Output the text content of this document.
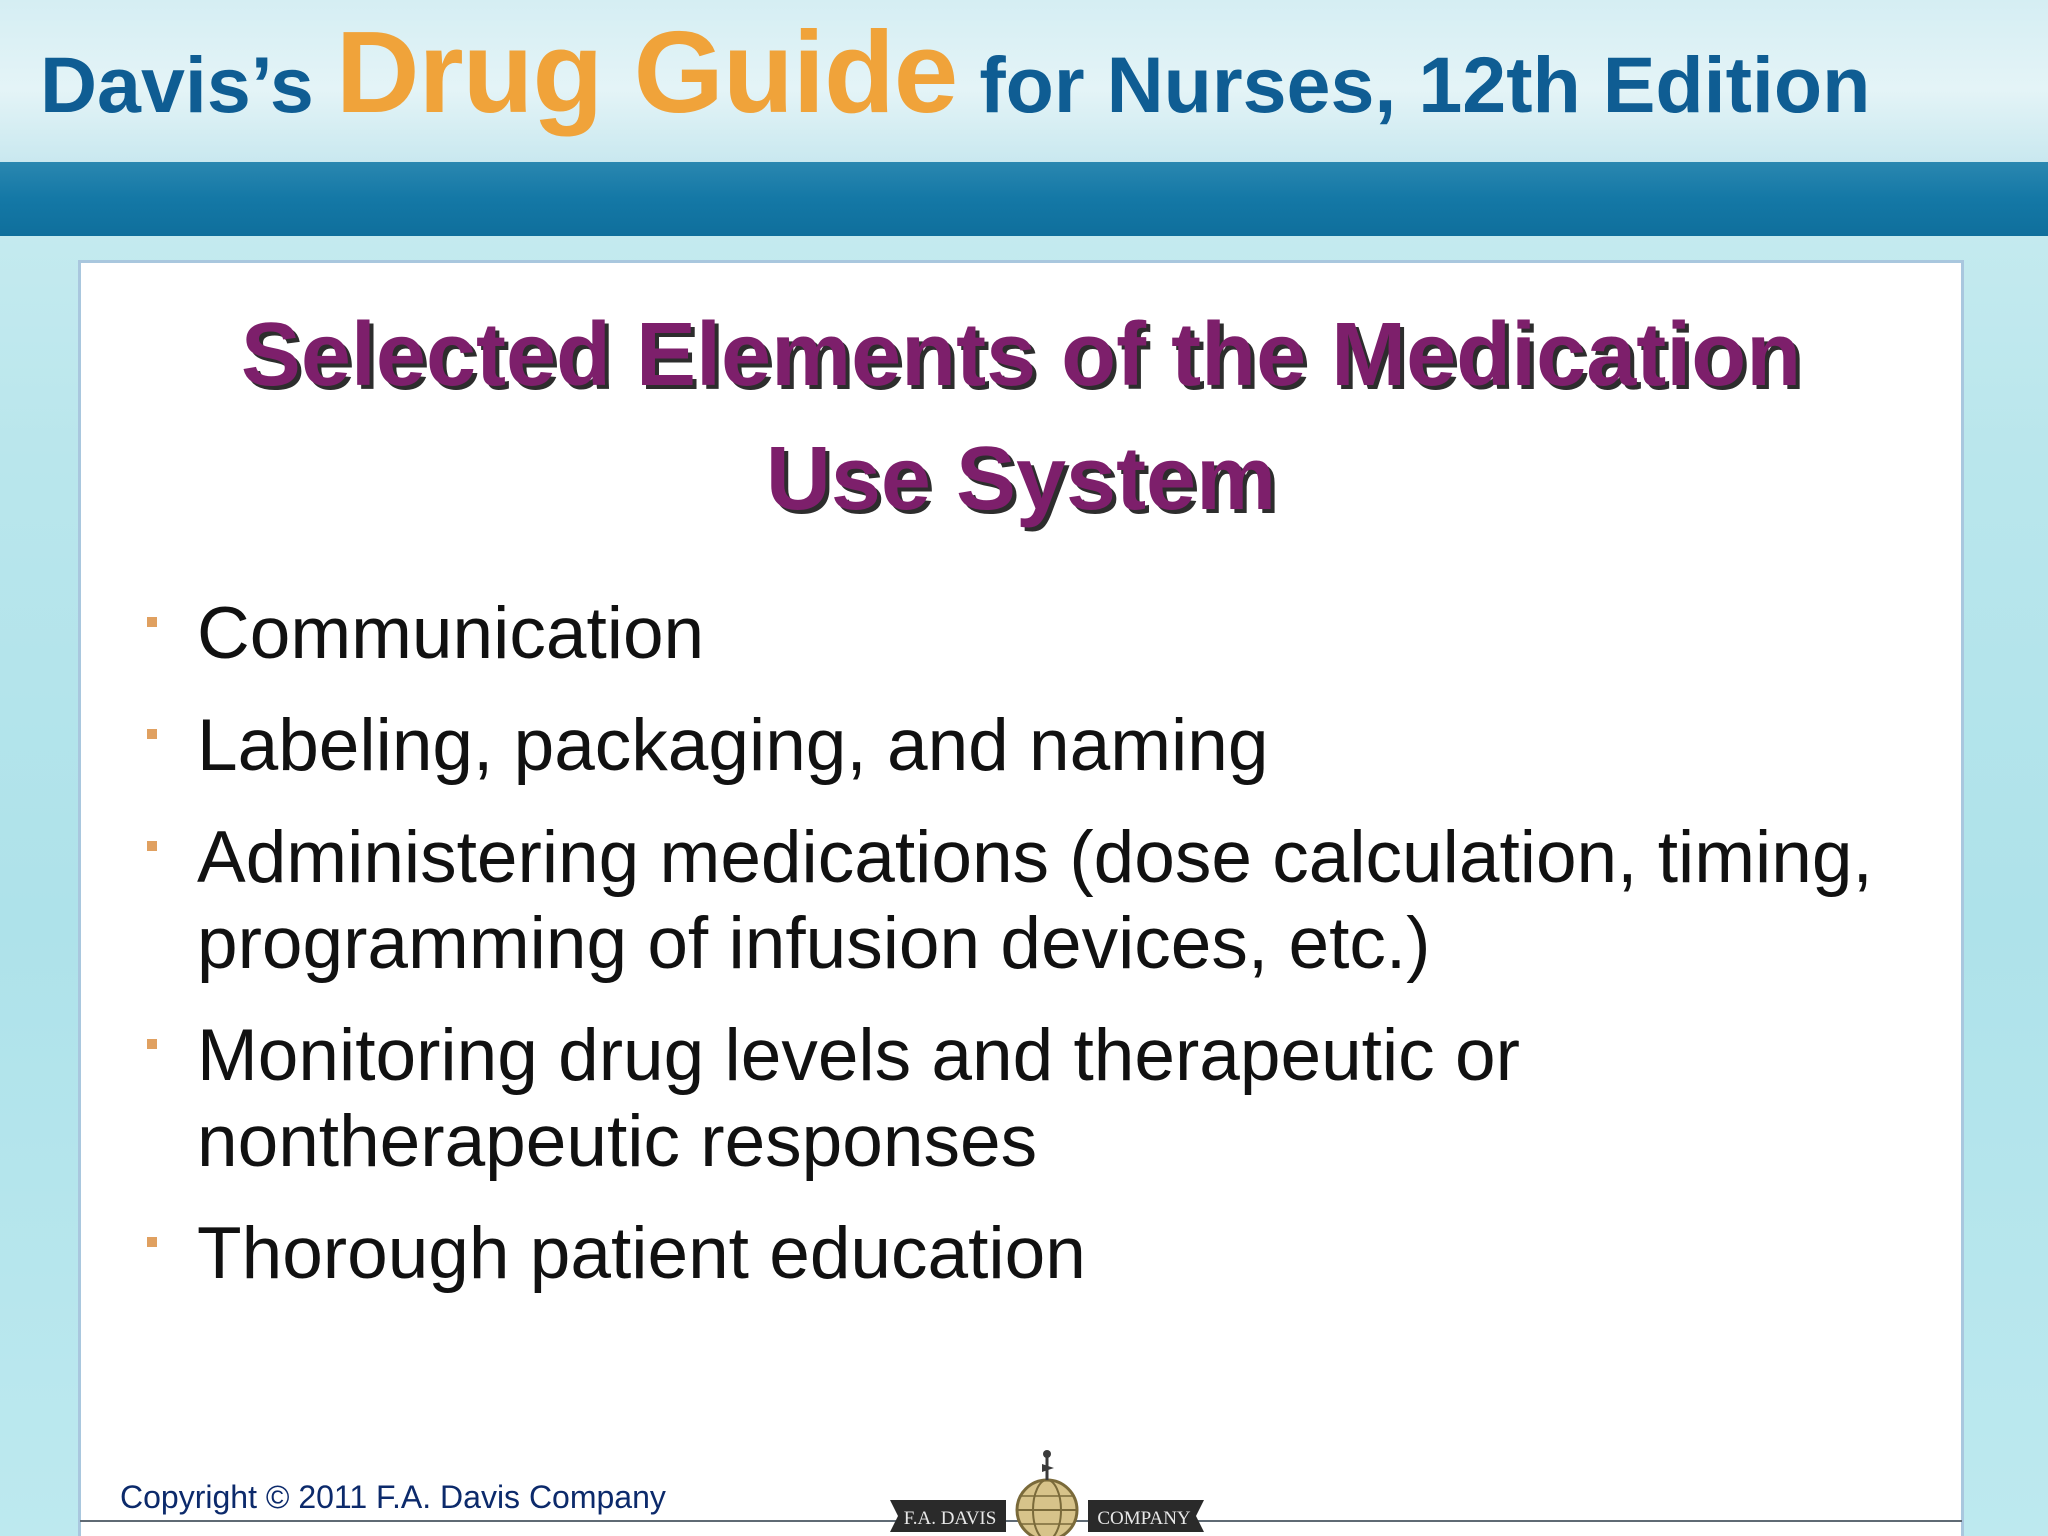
Davis’s Drug Guide for Nurses, 12th Edition
Selected Elements of the Medication
Use System
Communication
Labeling, packaging, and naming
Administering medications (dose calculation, timing, programming of infusion devices, etc.)
Monitoring drug levels and therapeutic or nontherapeutic responses
Thorough patient education
Copyright © 2011 F.A. Davis Company
F.A. DAVIS	COMPANY
